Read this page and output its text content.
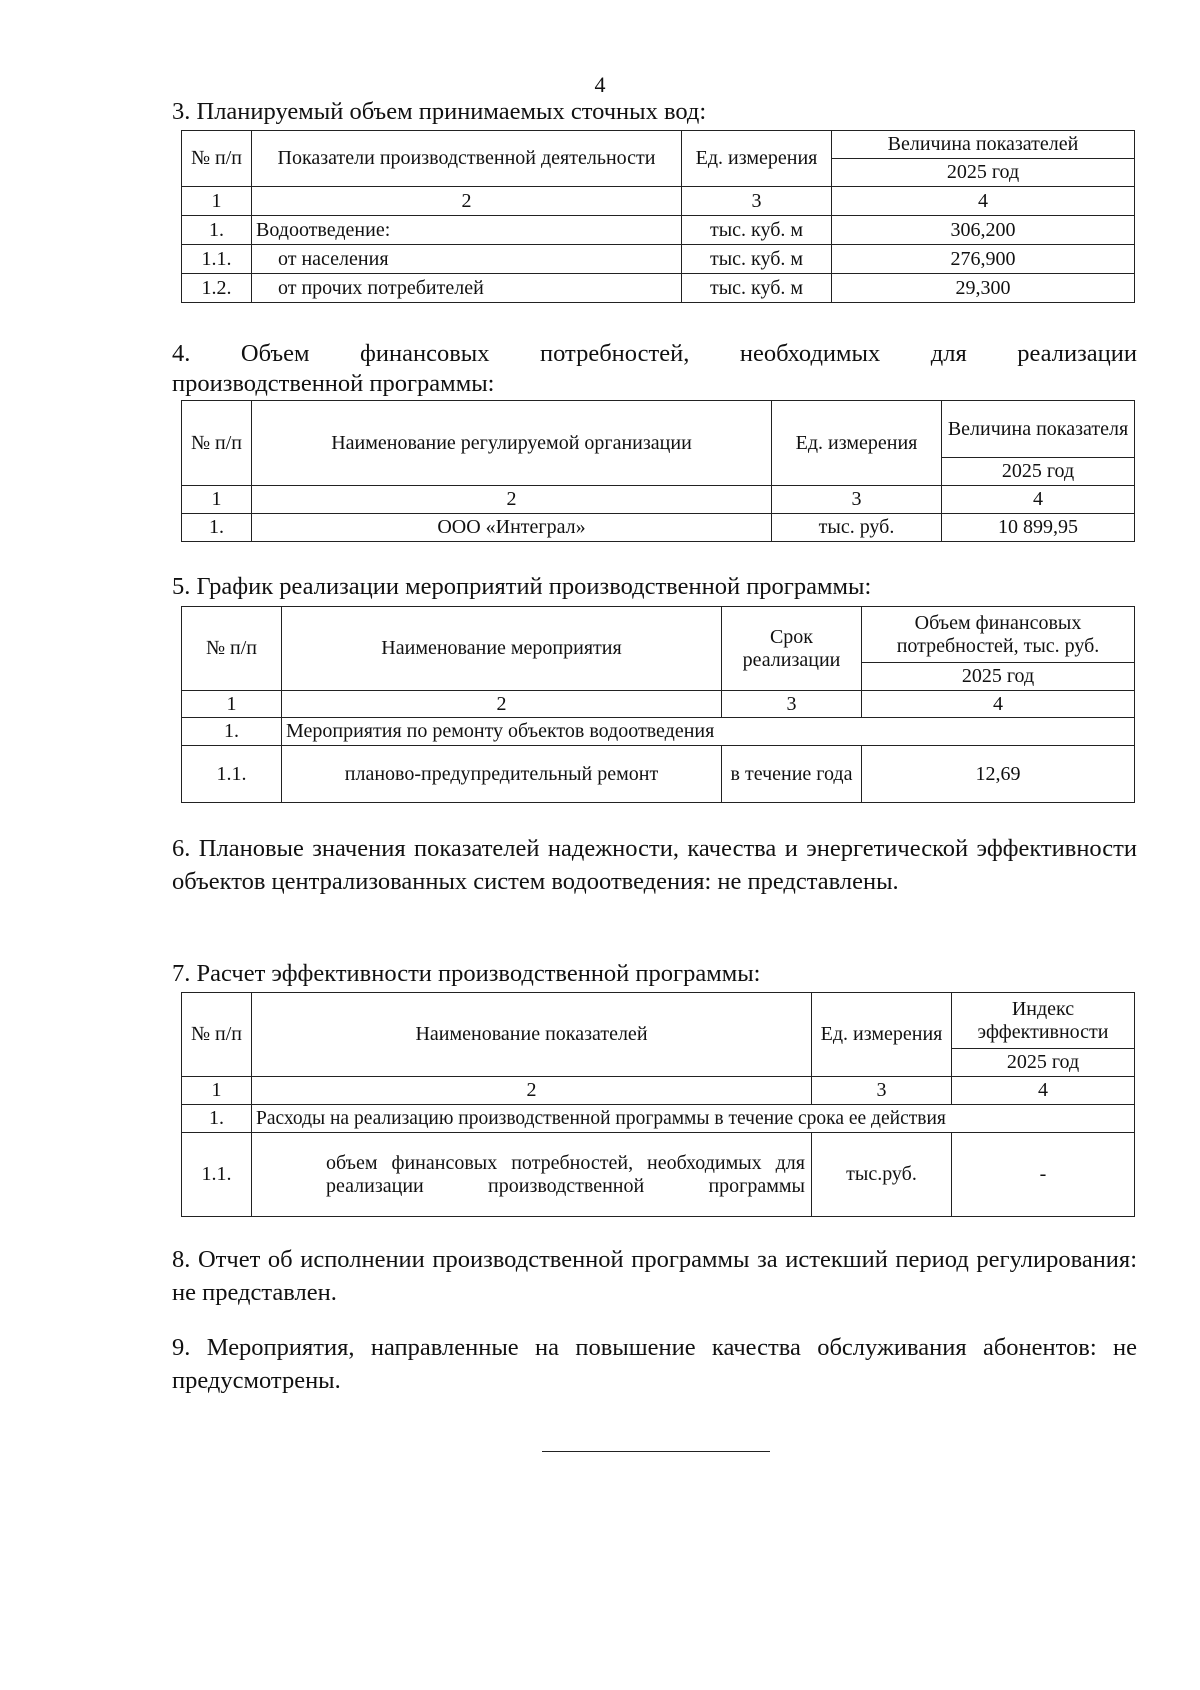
4
3. Планируемый объем принимаемых сточных вод:
№ п/п	Показатели производственной деятельности	Ед. измерения	Величина показателей
			2025 год
1	2	3	4
1.	Водоотведение:	тыс. куб. м	306,200
1.1.	от населения	тыс. куб. м	276,900
1.2.	от прочих потребителей	тыс. куб. м	29,300
4. Объем финансовых потребностей, необходимых для реализации
производственной программы:
№ п/п	Наименование регулируемой организации	Ед. измерения	Величина показателя
			2025 год
1	2	3	4
1.	ООО «Интеграл»	тыс. руб.	10 899,95
5. График реализации мероприятий производственной программы:
№ п/п	Наименование мероприятия	Срок реализации	Объем финансовых потребностей, тыс. руб.
			2025 год
1	2	3	4
1.	Мероприятия по ремонту объектов водоотведения		
1.1.	планово-предупредительный ремонт	в течение года	12,69
6. Плановые значения показателей надежности, качества и энергетической эффективности объектов централизованных систем водоотведения: не представлены.
7. Расчет эффективности производственной программы:
№ п/п	Наименование показателей	Ед. измерения	Индекс эффективности
			2025 год
1	2	3	4
1.	Расходы на реализацию производственной программы в течение срока ее действия		
1.1.	объем финансовых потребностей, необходимых для реализации производственной программы	тыс.руб.	-
8. Отчет об исполнении производственной программы за истекший период регулирования: не представлен.
9. Мероприятия, направленные на повышение качества обслуживания абонентов: не предусмотрены.
